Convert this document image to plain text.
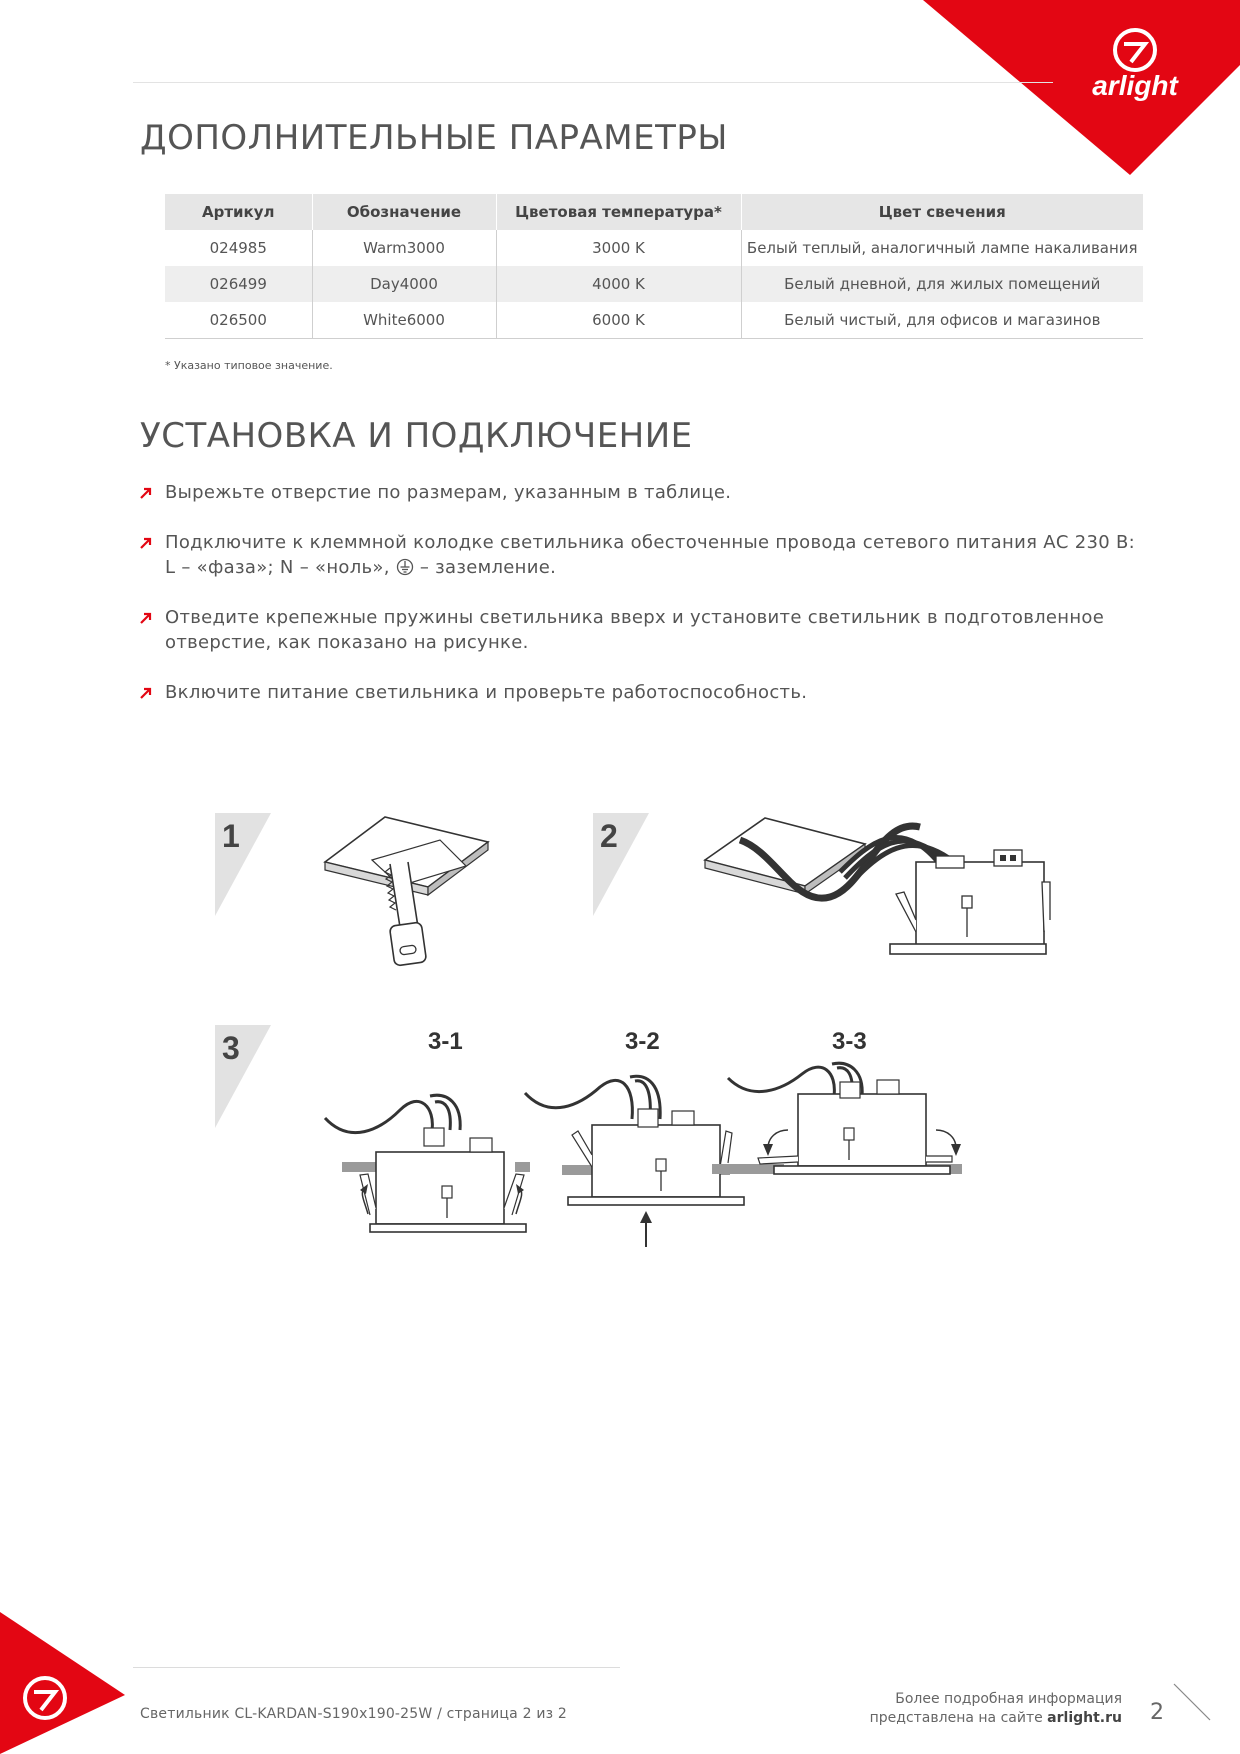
arlight
ДОПОЛНИТЕЛЬНЫЕ ПАРАМЕТРЫ
Артикул	Обозначение	Цветовая температура*	Цвет свечения
024985	Warm3000	3000 K	Белый теплый, аналогичный лампе накаливания
026499	Day4000	4000 K	Белый дневной, для жилых помещений
026500	White6000	6000 K	Белый чистый, для офисов и магазинов
* Указано типовое значение.
УСТАНОВКА И ПОДКЛЮЧЕНИЕ
Вырежьте отверстие по размерам, указанным в таблице.
Подключите к клеммной колодке светильника обесточенные провода сетевого питания АС 230 В:
L – «фаза»; N – «ноль», – заземление.
Отведите крепежные пружины светильника вверх и установите светильник в подготовленное
отверстие, как показано на рисунке.
Включите питание светильника и проверьте работоспособность.
1	2
3	3-1	3-2	3-3
Светильник CL-KARDAN-S190x190-25W / страница 2 из 2
Более подробная информация
представлена на сайте arlight.ru 2
